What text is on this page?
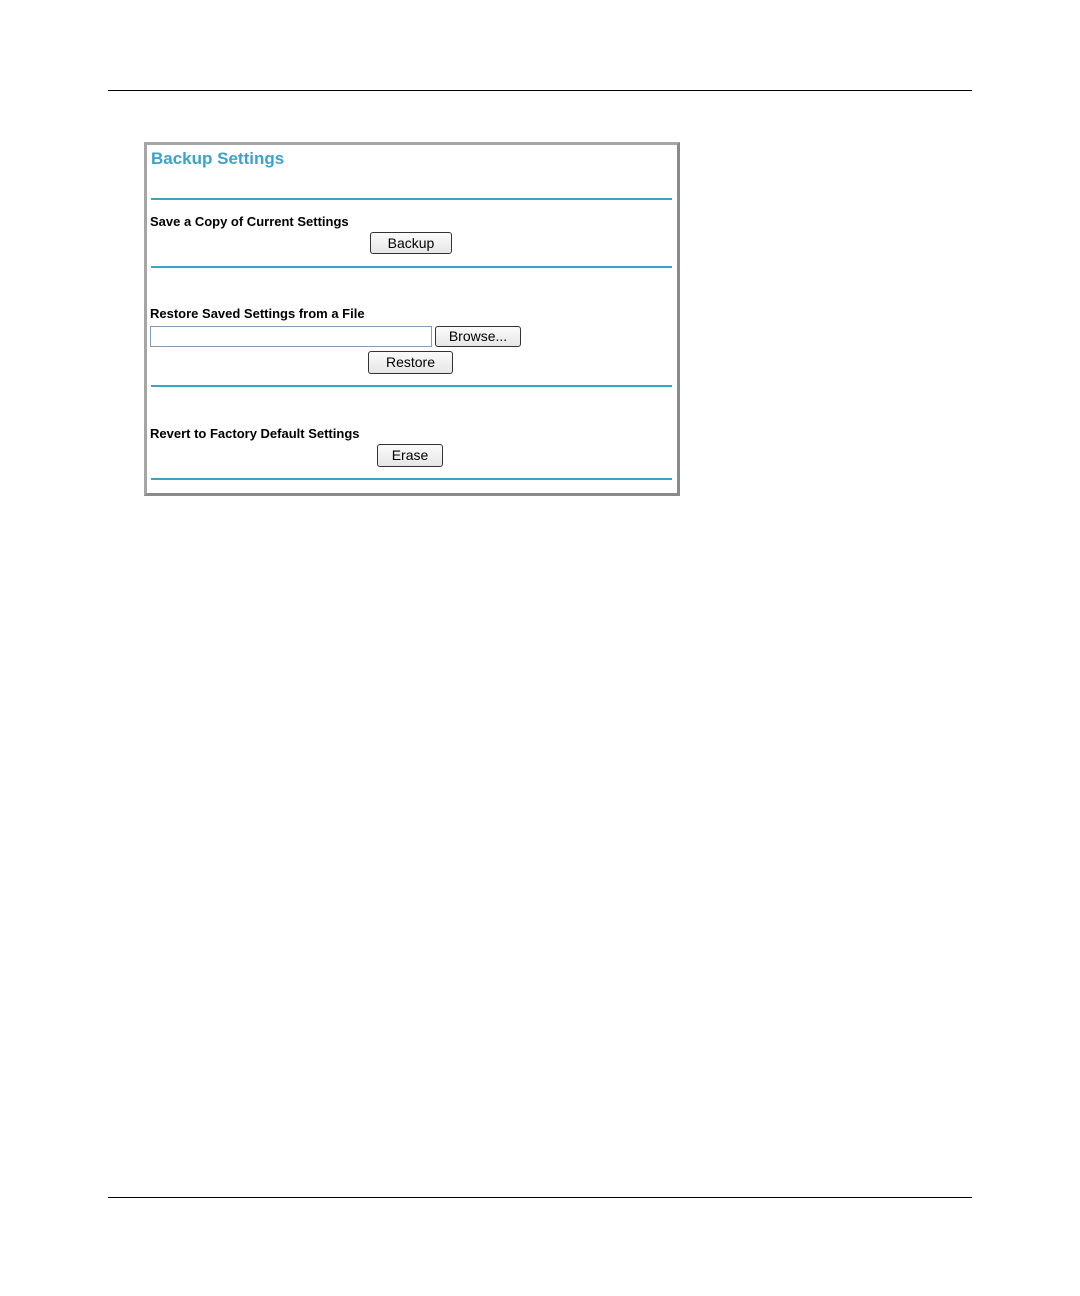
Backup Settings
Save a Copy of Current Settings
Backup
Restore Saved Settings from a File
Browse...
Restore
Revert to Factory Default Settings
Erase
